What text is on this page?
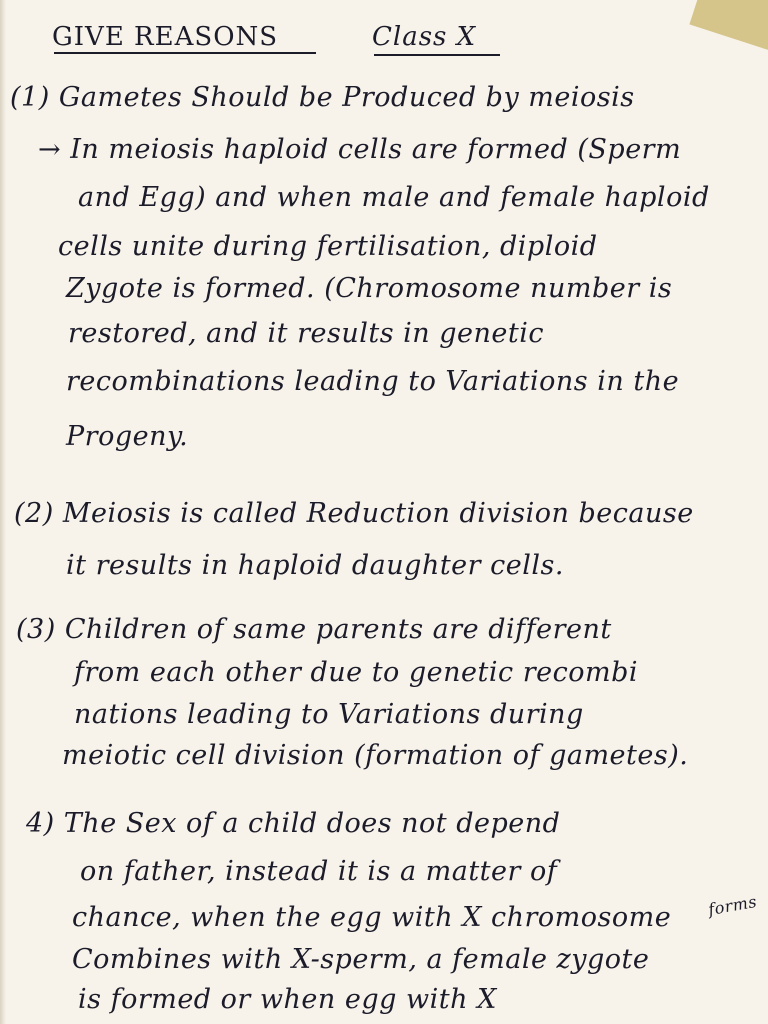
GIVE REASONS	Class X
(1) Gametes Should be Produced by meiosis
→ In meiosis haploid cells are formed (Sperm
and Egg) and when male and female haploid
cells unite during fertilisation, diploid
Zygote is formed. (Chromosome number is
restored, and it results in genetic
recombinations leading to Variations in the
Progeny.
(2) Meiosis is called Reduction division because
it results in haploid daughter cells.
(3) Children of same parents are different
from each other due to genetic recombi
nations leading to Variations during
meiotic cell division (formation of gametes).
4) The Sex of a child does not depend
on father, instead it is a matter of
chance, when the egg with X chromosome
Combines with X-sperm, a female zygote
is formed or when egg with X
forms
